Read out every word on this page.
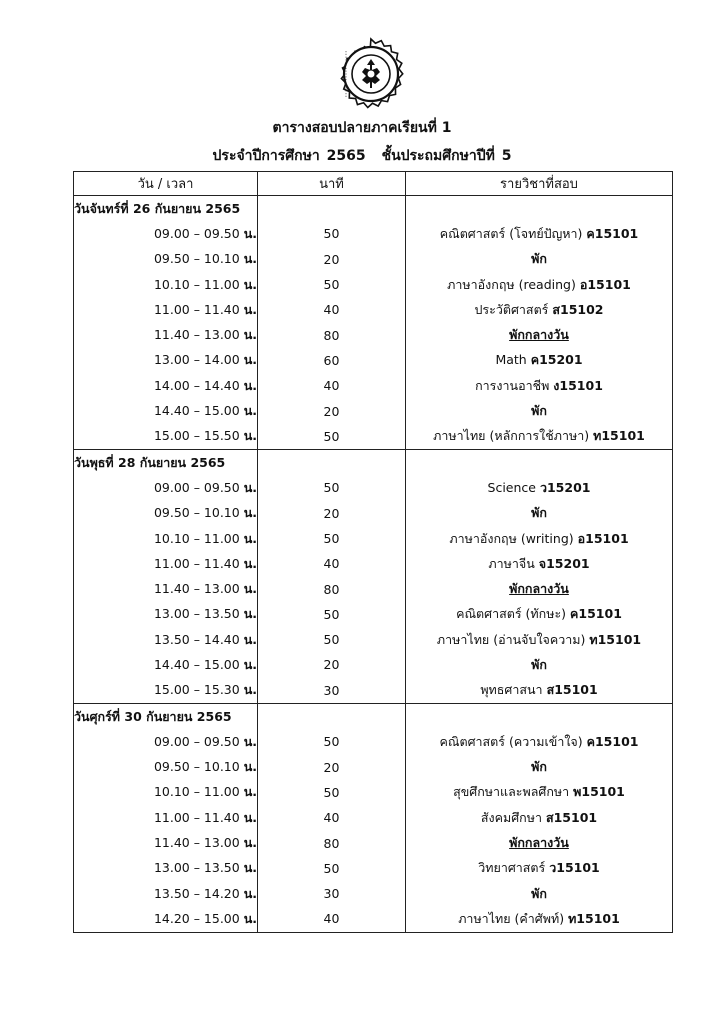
ตารางสอบปลายภาคเรียนที่ 1
ประจำปีการศึกษา 2565 ชั้นประถมศึกษาปีที่ 5
วัน / เวลา	นาที	รายวิชาที่สอบ
วันจันทร์ที่ 26 กันยายน 2565		
09.00 – 09.50 น.	50	คณิตศาสตร์ (โจทย์ปัญหา) ค15101
09.50 – 10.10 น.	20	พัก
10.10 – 11.00 น.	50	ภาษาอังกฤษ (reading) อ15101
11.00 – 11.40 น.	40	ประวัติศาสตร์ ส15102
11.40 – 13.00 น.	80	พักกลางวัน
13.00 – 14.00 น.	60	Math ค15201
14.00 – 14.40 น.	40	การงานอาชีพ ง15101
14.40 – 15.00 น.	20	พัก
15.00 – 15.50 น.	50	ภาษาไทย (หลักการใช้ภาษา) ท15101
วันพุธที่ 28 กันยายน 2565		
09.00 – 09.50 น.	50	Science ว15201
09.50 – 10.10 น.	20	พัก
10.10 – 11.00 น.	50	ภาษาอังกฤษ (writing) อ15101
11.00 – 11.40 น.	40	ภาษาจีน จ15201
11.40 – 13.00 น.	80	พักกลางวัน
13.00 – 13.50 น.	50	คณิตศาสตร์ (ทักษะ) ค15101
13.50 – 14.40 น.	50	ภาษาไทย (อ่านจับใจความ) ท15101
14.40 – 15.00 น.	20	พัก
15.00 – 15.30 น.	30	พุทธศาสนา ส15101
วันศุกร์ที่ 30 กันยายน 2565		
09.00 – 09.50 น.	50	คณิตศาสตร์ (ความเข้าใจ) ค15101
09.50 – 10.10 น.	20	พัก
10.10 – 11.00 น.	50	สุขศึกษาและพลศึกษา พ15101
11.00 – 11.40 น.	40	สังคมศึกษา ส15101
11.40 – 13.00 น.	80	พักกลางวัน
13.00 – 13.50 น.	50	วิทยาศาสตร์ ว15101
13.50 – 14.20 น.	30	พัก
14.20 – 15.00 น.	40	ภาษาไทย (คำศัพท์) ท15101
